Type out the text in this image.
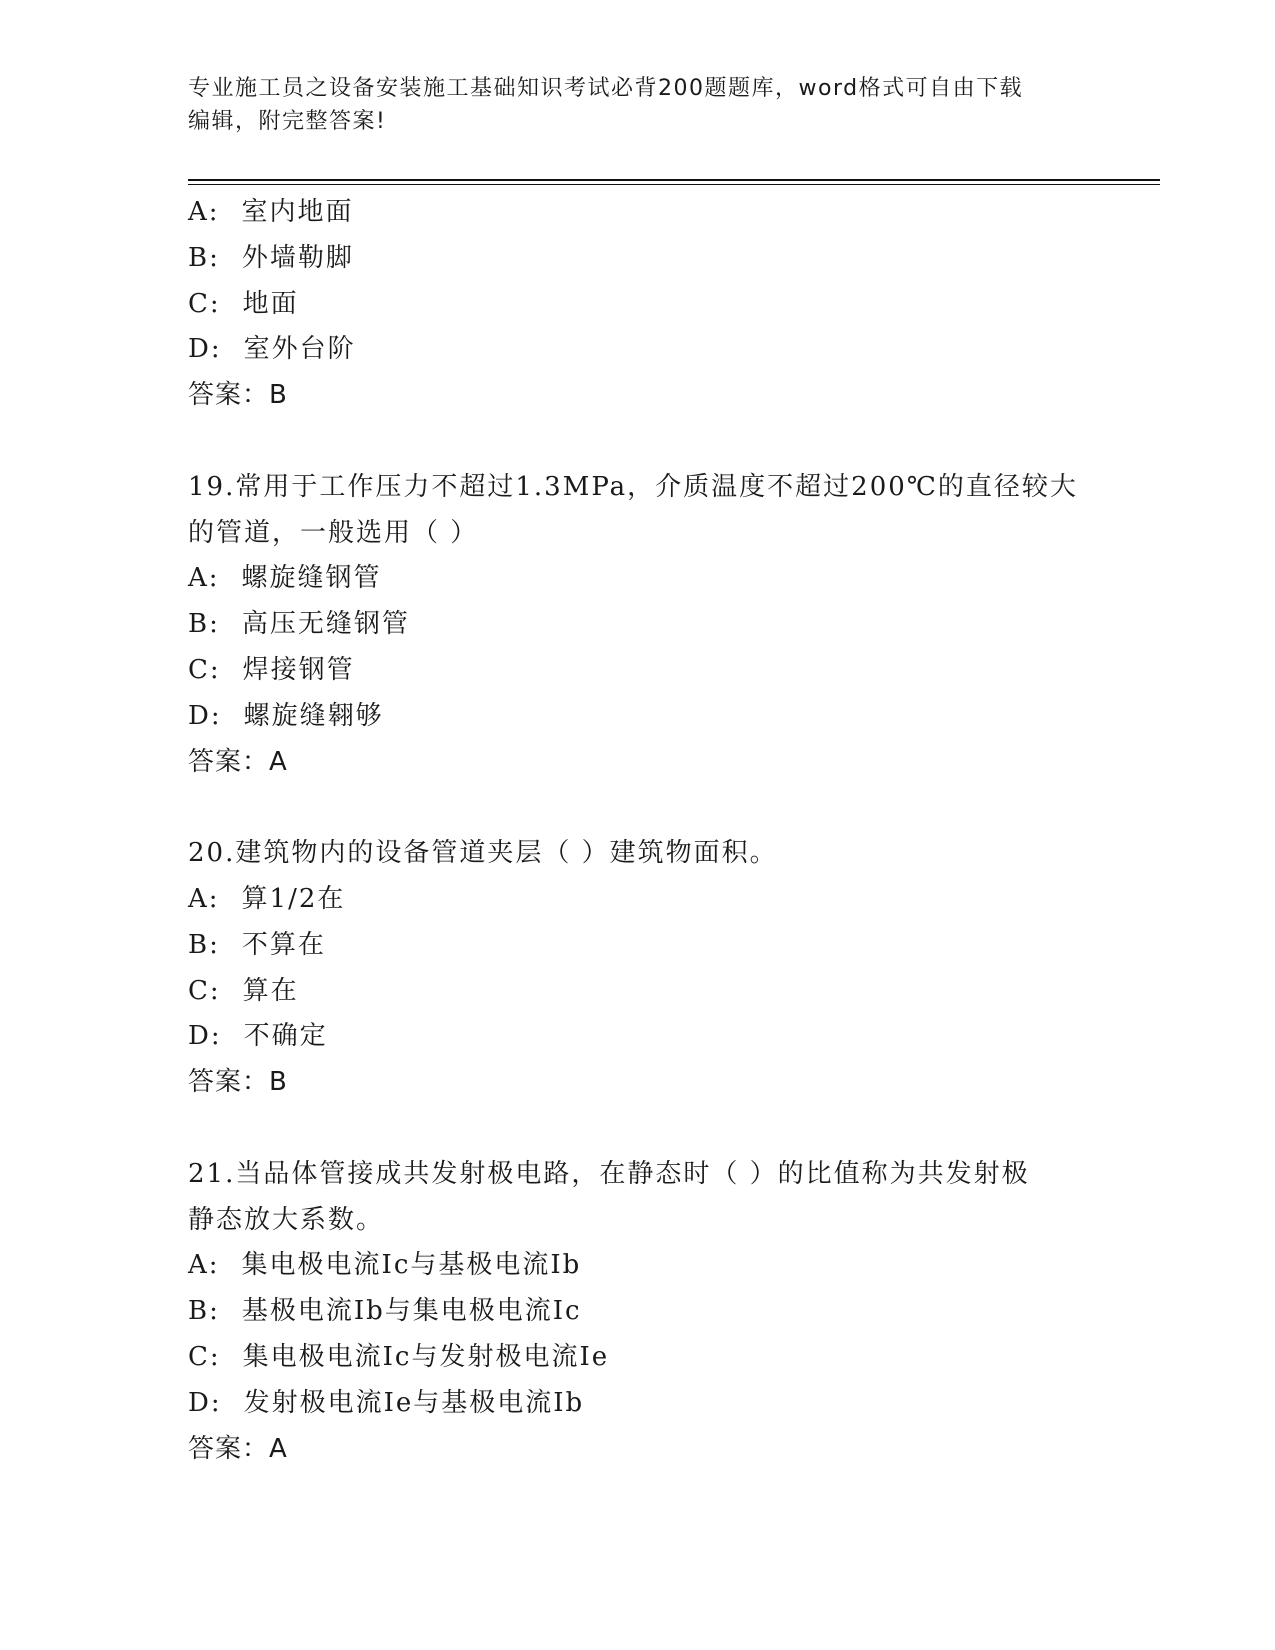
专业施工员之设备安装施工基础知识考试必背200题题库，word格式可自由下载
编辑，附完整答案!
A: 室内地面
B: 外墙勒脚
C: 地面
D: 室外台阶
答案：B
19.常用于工作压力不超过1.3MPa，介质温度不超过200℃的直径较大
的管道，一般选用（ ）
A: 螺旋缝钢管
B: 高压无缝钢管
C: 焊接钢管
D: 螺旋缝翱够
答案：A
20.建筑物内的设备管道夹层（ ）建筑物面积。
A: 算1/2在
B: 不算在
C: 算在
D: 不确定
答案：B
21.当品体管接成共发射极电路，在静态时（ ）的比值称为共发射极
静态放大系数。
A: 集电极电流Ic与基极电流Ib
B: 基极电流Ib与集电极电流Ic
C: 集电极电流Ic与发射极电流Ie
D: 发射极电流Ie与基极电流Ib
答案：A
